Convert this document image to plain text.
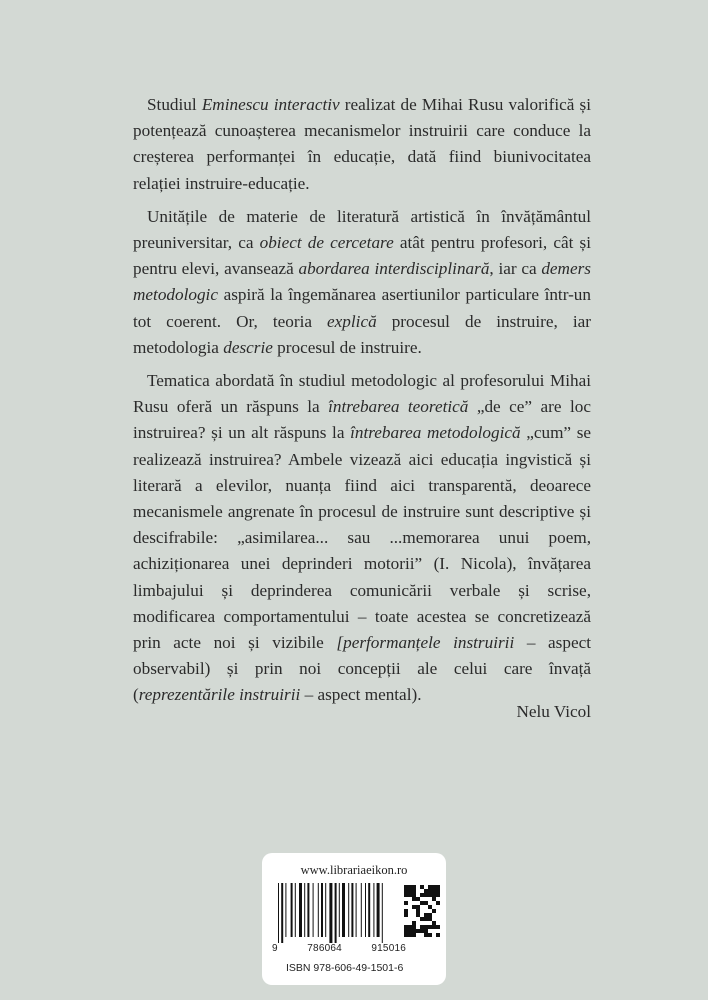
Studiul Eminescu interactiv realizat de Mihai Rusu valorifică și potențează cunoașterea mecanismelor instruirii care conduce la creșterea performanței în educație, dată fiind biunivocitatea relației instruire-educație.

Unitățile de materie de literatură artistică în învățământul preuniversitar, ca obiect de cercetare atât pentru profesori, cât și pentru elevi, avansează abordarea interdisciplinară, iar ca demers metodologic aspiră la îngemănarea asertiunilor particulare într-un tot coerent. Or, teoria explică procesul de instruire, iar metodologia descrie procesul de instruire.

Tematica abordată în studiul metodologic al profesorului Mihai Rusu oferă un răspuns la întrebarea teoretică „de ce” are loc instruirea? și un alt răspuns la întrebarea metodologică „cum” se realizează instruirea? Ambele vizează aici educația ingvistică și literară a elevilor, nuanța fiind aici transparentă, deoarece mecanismele angrenate în procesul de instruire sunt descriptive și descifrabile: „asimilarea... sau ...memorarea unui poem, achiziționarea unei deprinderi motorii” (I. Nicola), învățarea limbajului și deprinderea comunicării verbale și scrise, modificarea comportamentului – toate acestea se concretizează prin acte noi și vizibile [performanțele instruirii – aspect observabil) și prin noi concepții ale celui care învață (reprezentările instruirii – aspect mental).

Nelu Vicol
www.librariaeikon.ro
9	786064	915016
ISBN 978-606-49-1501-6
